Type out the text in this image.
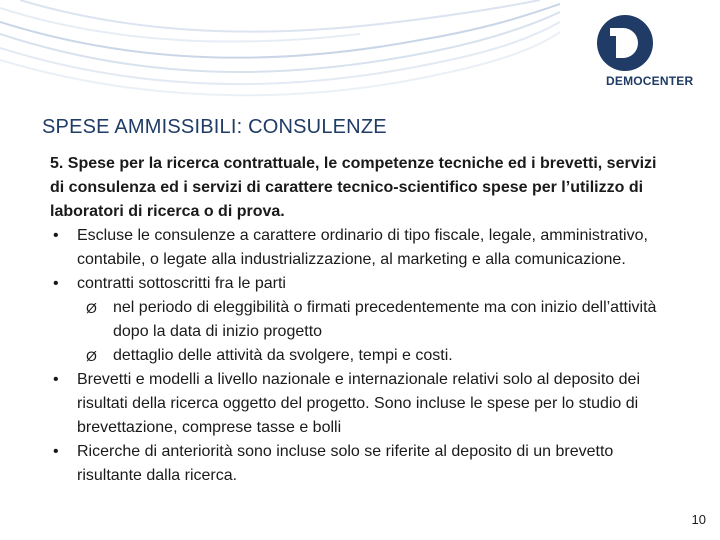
DEMOCENTER
SPESE AMMISSIBILI: CONSULENZE

5. Spese per la ricerca contrattuale, le competenze tecniche ed i brevetti, servizi di consulenza ed i servizi di carattere tecnico-scientifico spese per l’utilizzo di laboratori di ricerca o di prova.

• Escluse le consulenze a carattere ordinario di tipo fiscale, legale, amministrativo, contabile, o legate alla industrializzazione, al marketing e alla comunicazione.
• contratti sottoscritti fra le parti
Ø nel periodo di eleggibilità o firmati precedentemente ma con inizio dell’attività dopo la data di inizio progetto
Ø dettaglio delle attività da svolgere, tempi e costi.
• Brevetti e modelli a livello nazionale e internazionale relativi solo al deposito dei risultati della ricerca oggetto del progetto. Sono incluse le spese per lo studio di brevettazione, comprese tasse e bolli
• Ricerche di anteriorità sono incluse solo se riferite al deposito di un brevetto risultante dalla ricerca.
10
